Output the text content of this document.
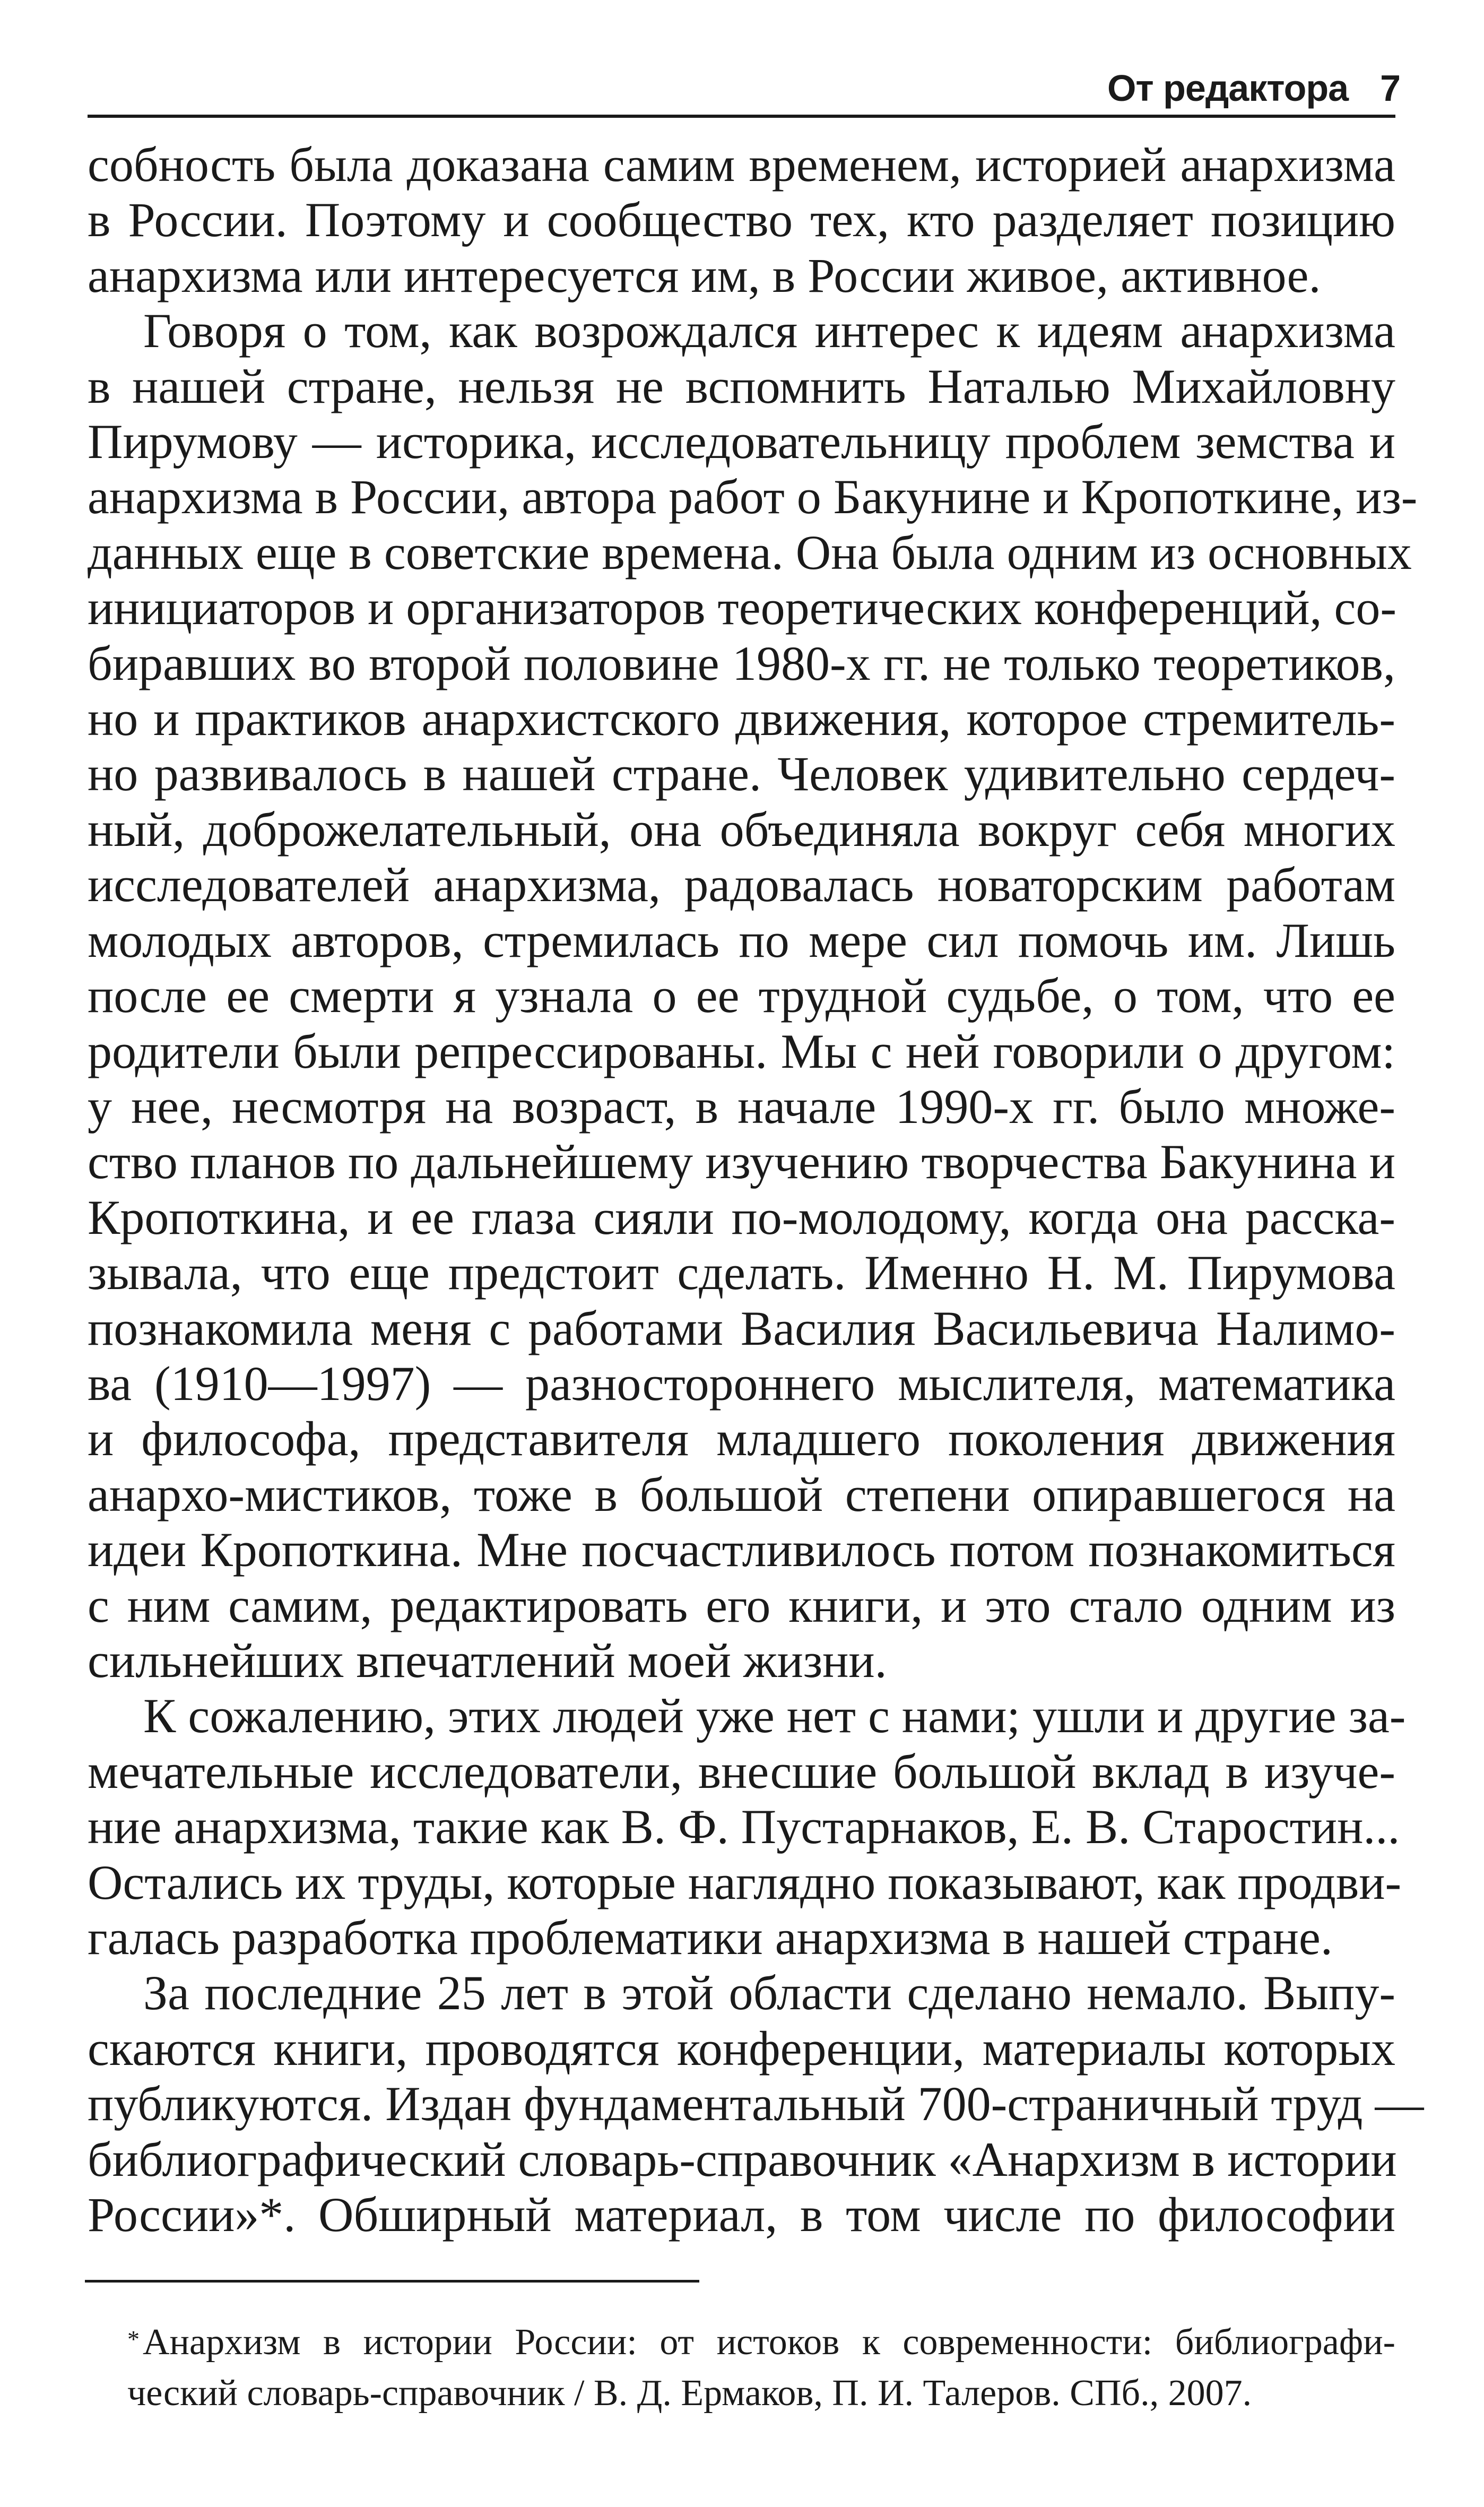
От редактора 7
собность была доказана самим временем, историей анархизма
в России. Поэтому и сообщество тех, кто разделяет позицию
анархизма или интересуется им, в России живое, активное.
Говоря о том, как возрождался интерес к идеям анархизма
в нашей стране, нельзя не вспомнить Наталью Михайловну
Пирумову — историка, исследовательницу проблем земства и
анархизма в России, автора работ о Бакунине и Кропоткине, из-
данных еще в советские времена. Она была одним из основных
инициаторов и организаторов теоретических конференций, со-
биравших во второй половине 1980-х гг. не только теоретиков,
но и практиков анархистского движения, которое стремитель-
но развивалось в нашей стране. Человек удивительно сердеч-
ный, доброжелательный, она объединяла вокруг себя многих
исследователей анархизма, радовалась новаторским работам
молодых авторов, стремилась по мере сил помочь им. Лишь
после ее смерти я узнала о ее трудной судьбе, о том, что ее
родители были репрессированы. Мы с ней говорили о другом:
у нее, несмотря на возраст, в начале 1990-х гг. было множе-
ство планов по дальнейшему изучению творчества Бакунина и
Кропоткина, и ее глаза сияли по-молодому, когда она расска-
зывала, что еще предстоит сделать. Именно Н. М. Пирумова
познакомила меня с работами Василия Васильевича Налимо-
ва (1910—1997) — разностороннего мыслителя, математика
и философа, представителя младшего поколения движения
анархо-мистиков, тоже в большой степени опиравшегося на
идеи Кропоткина. Мне посчастливилось потом познакомиться
с ним самим, редактировать его книги, и это стало одним из
сильнейших впечатлений моей жизни.
К сожалению, этих людей уже нет с нами; ушли и другие за-
мечательные исследователи, внесшие большой вклад в изуче-
ние анархизма, такие как В. Ф. Пустарнаков, Е. В. Старостин...
Остались их труды, которые наглядно показывают, как продви-
галась разработка проблематики анархизма в нашей стране.
За последние 25 лет в этой области сделано немало. Выпу-
скаются книги, проводятся конференции, материалы которых
публикуются. Издан фундаментальный 700-страничный труд —
библиографический словарь-справочник «Анархизм в истории
России»*. Обширный материал, в том числе по философии
*Анархизм в истории России: от истоков к современности: библиографи-
ческий словарь-справочник / В. Д. Ермаков, П. И. Талеров. СПб., 2007.
